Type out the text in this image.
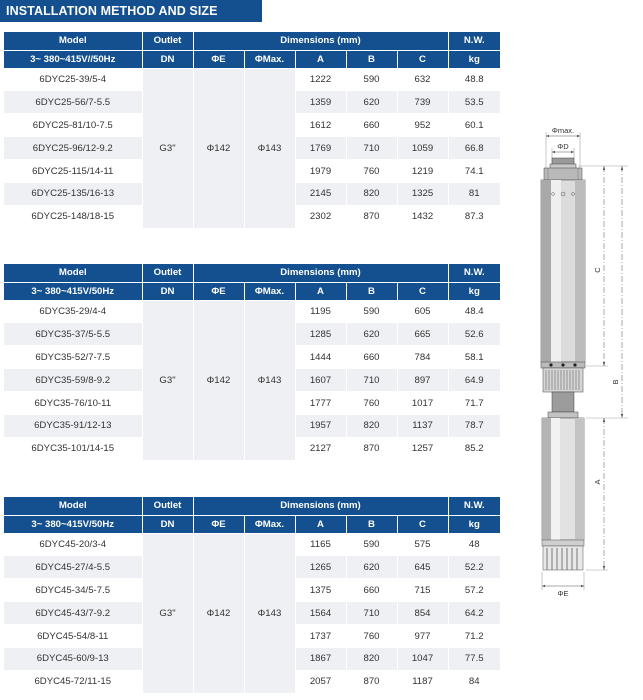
INSTALLATION METHOD AND SIZE
Model	Outlet	Dimensions (mm)					N.W.
3~ 380~415V//50Hz	DN	ΦE	ΦMax.	A	B	C	kg
6DYC25-39/5-4	G3"	Φ142	Φ143	1222	590	632	48.8
6DYC25-56/7-5.5				1359	620	739	53.5
6DYC25-81/10-7.5				1612	660	952	60.1
6DYC25-96/12-9.2				1769	710	1059	66.8
6DYC25-115/14-11				1979	760	1219	74.1
6DYC25-135/16-13				2145	820	1325	81
6DYC25-148/18-15				2302	870	1432	87.3
Model	Outlet	Dimensions (mm)					N.W.
3~ 380~415V/50Hz	DN	ΦE	ΦMax.	A	B	C	kg
6DYC35-29/4-4	G3"	Φ142	Φ143	1195	590	605	48.4
6DYC35-37/5-5.5				1285	620	665	52.6
6DYC35-52/7-7.5				1444	660	784	58.1
6DYC35-59/8-9.2				1607	710	897	64.9
6DYC35-76/10-11				1777	760	1017	71.7
6DYC35-91/12-13				1957	820	1137	78.7
6DYC35-101/14-15				2127	870	1257	85.2
Model	Outlet	Dimensions (mm)					N.W.
3~ 380~415V/50Hz	DN	ΦE	ΦMax.	A	B	C	kg
6DYC45-20/3-4	G3"	Φ142	Φ143	1165	590	575	48
6DYC45-27/4-5.5				1265	620	645	52.2
6DYC45-34/5-7.5				1375	660	715	57.2
6DYC45-43/7-9.2				1564	710	854	64.2
6DYC45-54/8-11				1737	760	977	71.2
6DYC45-60/9-13				1867	820	1047	77.5
6DYC45-72/11-15				2057	870	1187	84
Φmax.
ΦD
ΦE
C
B
A
